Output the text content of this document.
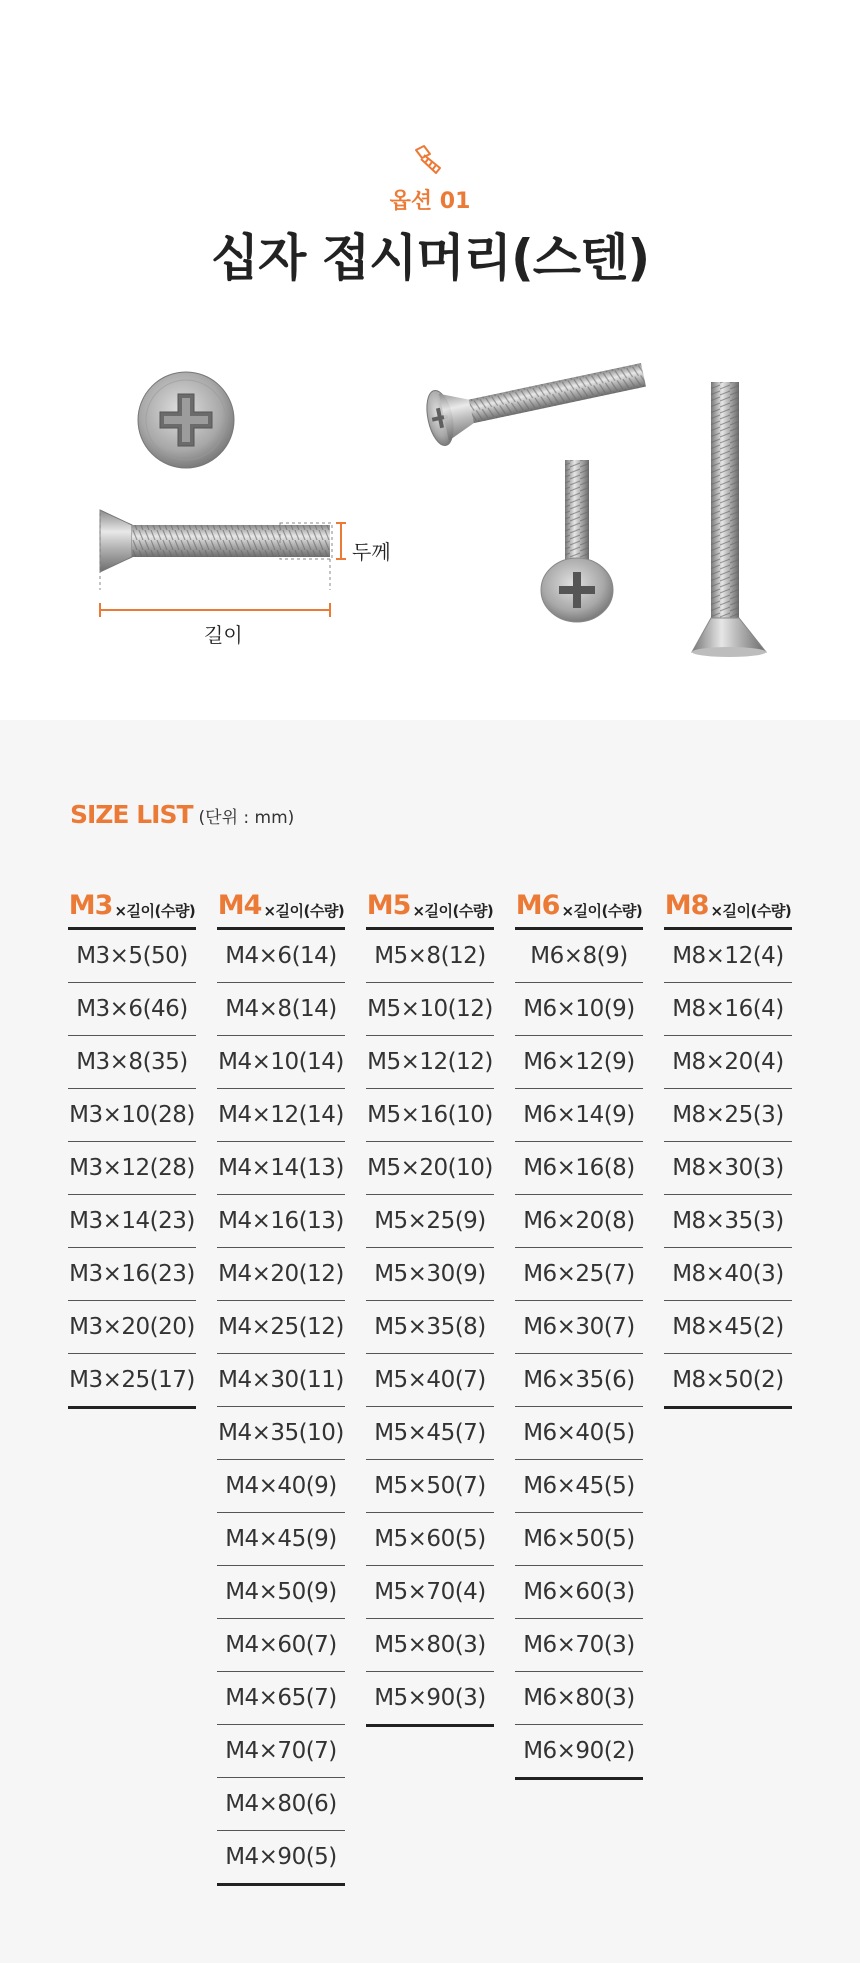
옵션 01
십자 접시머리(스텐)
두께
길이
SIZE LIST (단위 : mm)
M3 ×길이(수량)
M3×5(50)
M3×6(46)
M3×8(35)
M3×10(28)
M3×12(28)
M3×14(23)
M3×16(23)
M3×20(20)
M3×25(17)
M4 ×길이(수량)
M4×6(14)
M4×8(14)
M4×10(14)
M4×12(14)
M4×14(13)
M4×16(13)
M4×20(12)
M4×25(12)
M4×30(11)
M4×35(10)
M4×40(9)
M4×45(9)
M4×50(9)
M4×60(7)
M4×65(7)
M4×70(7)
M4×80(6)
M4×90(5)
M5 ×길이(수량)
M5×8(12)
M5×10(12)
M5×12(12)
M5×16(10)
M5×20(10)
M5×25(9)
M5×30(9)
M5×35(8)
M5×40(7)
M5×45(7)
M5×50(7)
M5×60(5)
M5×70(4)
M5×80(3)
M5×90(3)
M6 ×길이(수량)
M6×8(9)
M6×10(9)
M6×12(9)
M6×14(9)
M6×16(8)
M6×20(8)
M6×25(7)
M6×30(7)
M6×35(6)
M6×40(5)
M6×45(5)
M6×50(5)
M6×60(3)
M6×70(3)
M6×80(3)
M6×90(2)
M8 ×길이(수량)
M8×12(4)
M8×16(4)
M8×20(4)
M8×25(3)
M8×30(3)
M8×35(3)
M8×40(3)
M8×45(2)
M8×50(2)
